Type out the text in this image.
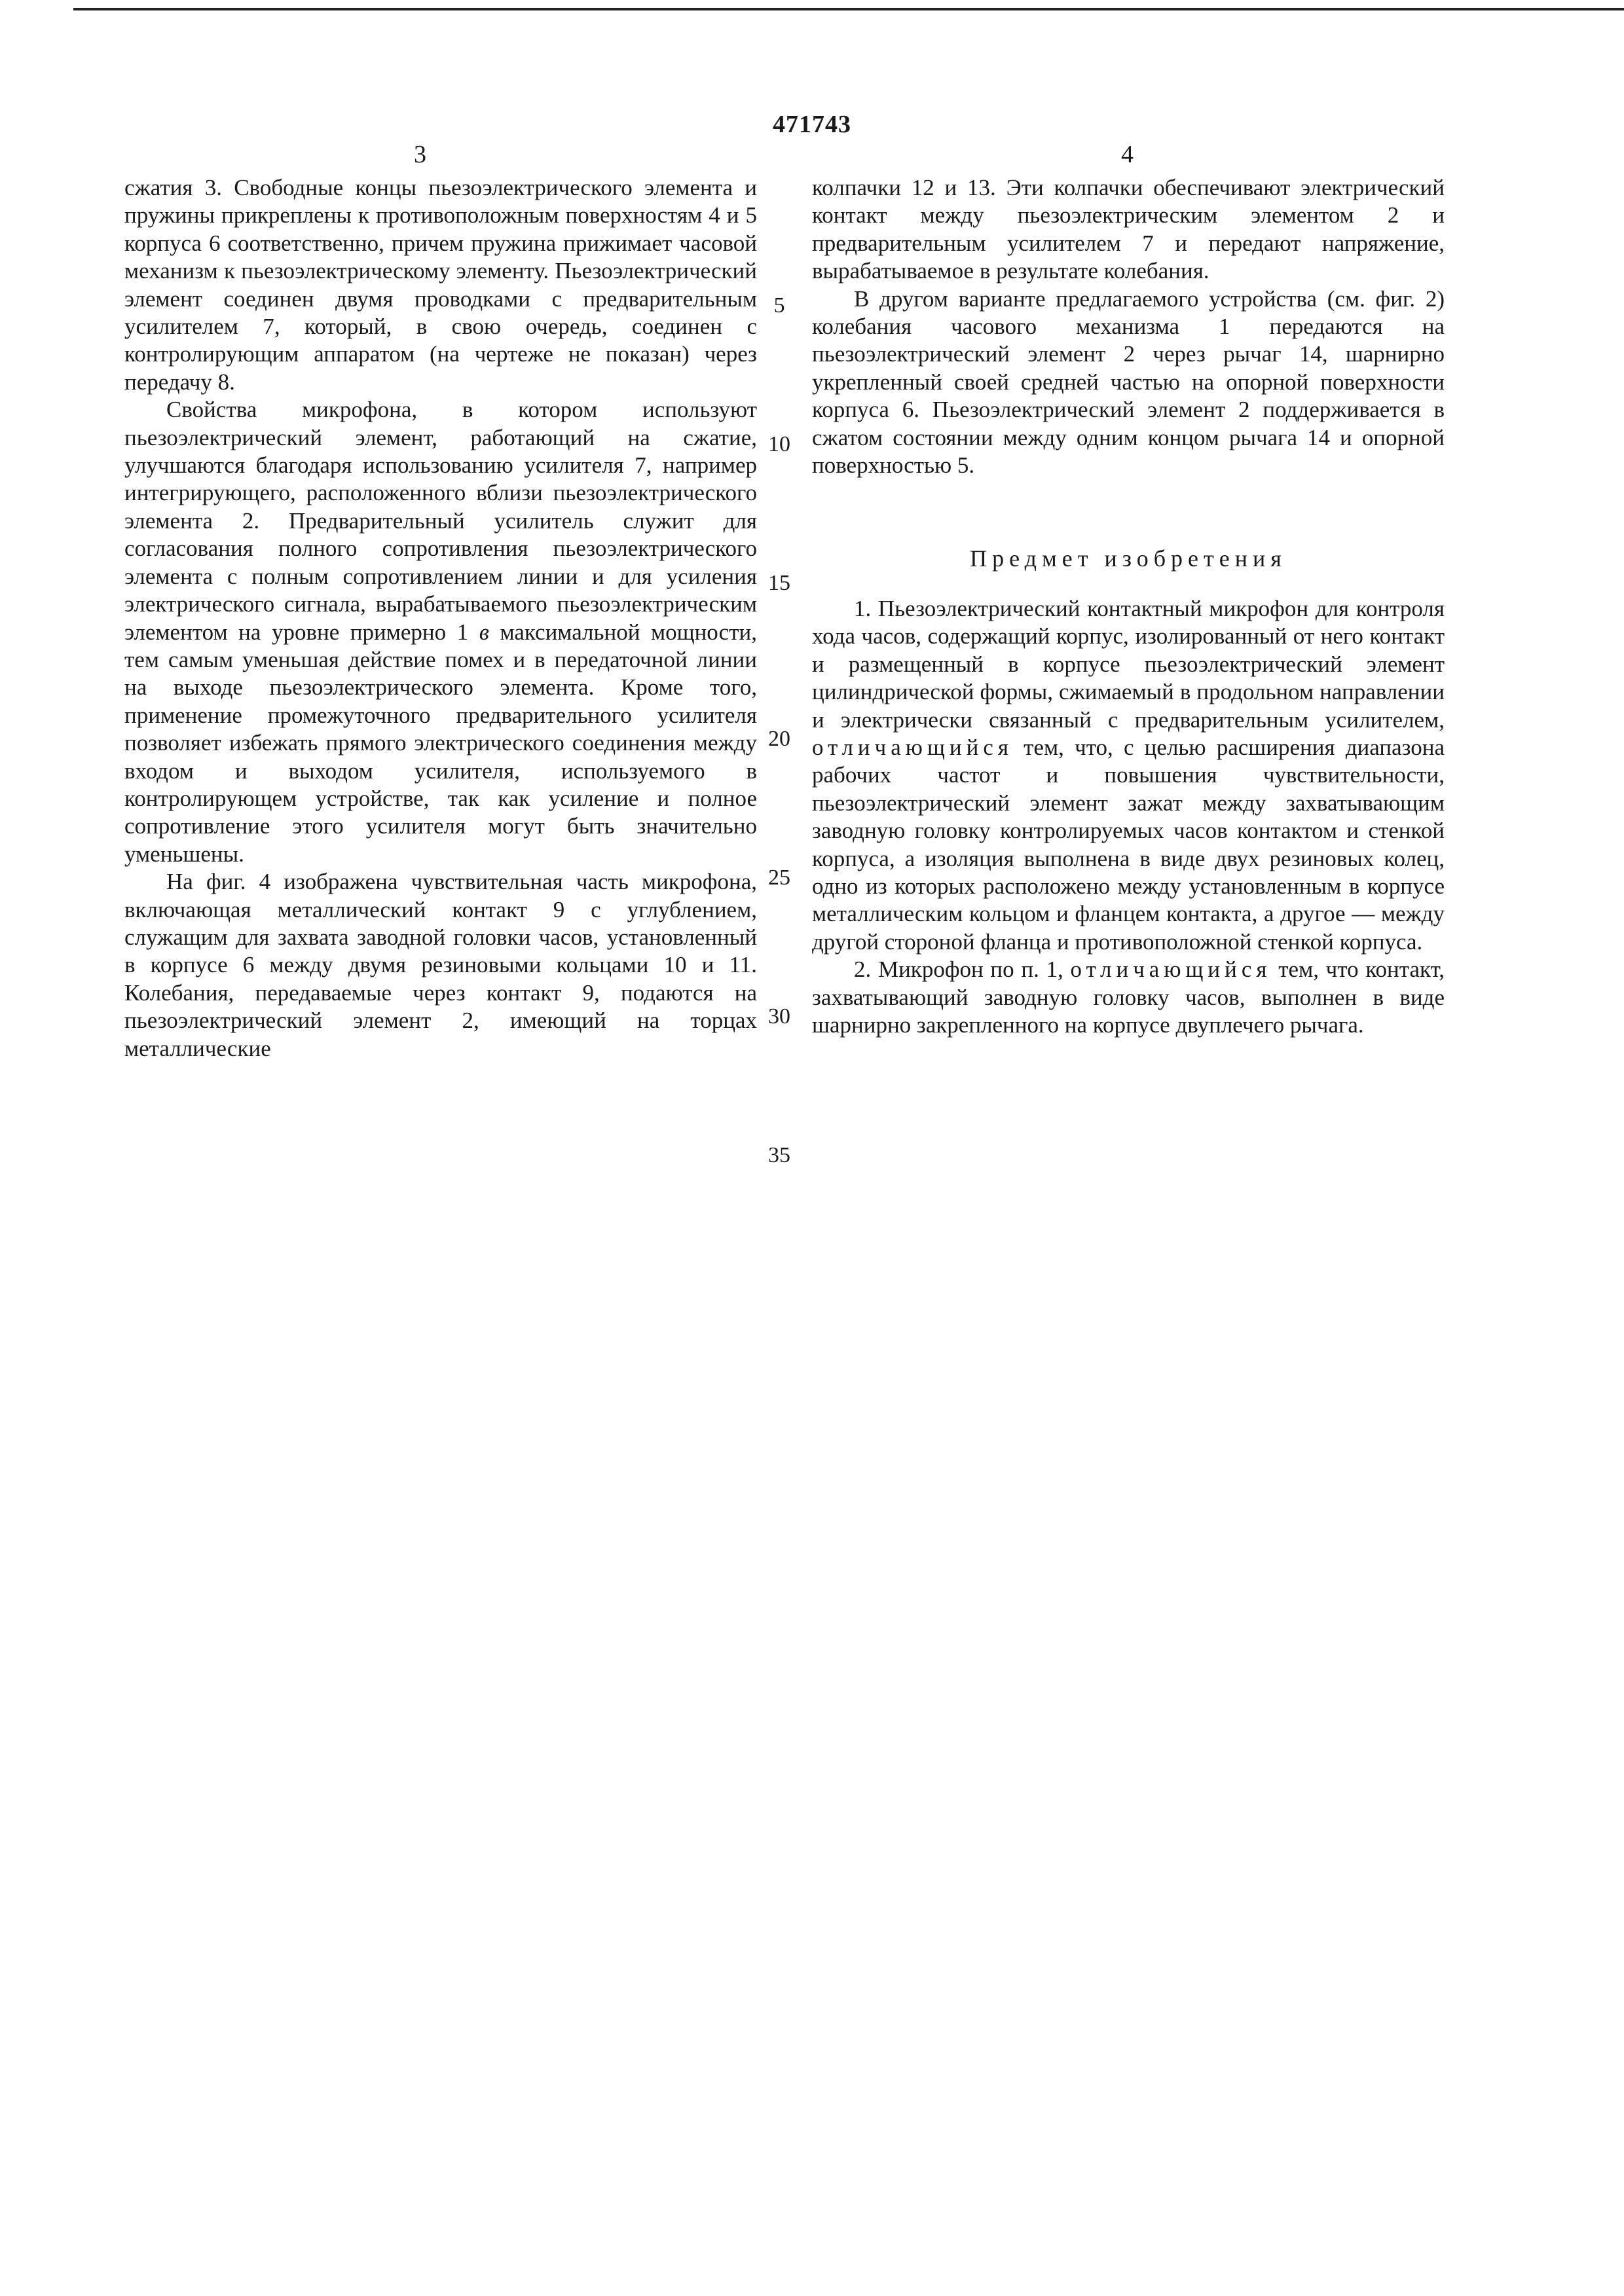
471743
3	4

сжатия 3. Свободные концы пьезоэлектрического элемента и пружины прикреплены к противоположным поверхностям 4 и 5 корпуса 6 соответственно, причем пружина прижимает часовой механизм к пьезоэлектрическому элементу. Пьезоэлектрический элемент соединен двумя проводками с предварительным усилителем 7, который, в свою очередь, соединен с контролирующим аппаратом (на чертеже не показан) через передачу 8.

Свойства микрофона, в котором используют пьезоэлектрический элемент, работающий на сжатие, улучшаются благодаря использованию усилителя 7, например интегрирующего, расположенного вблизи пьезоэлектрического элемента 2. Предварительный усилитель служит для согласования полного сопротивления пьезоэлектрического элемента с полным сопротивлением линии и для усиления электрического сигнала, вырабатываемого пьезоэлектрическим элементом на уровне примерно 1 в максимальной мощности, тем самым уменьшая действие помех и в передаточной линии на выходе пьезоэлектрического элемента. Кроме того, применение промежуточного предварительного усилителя позволяет избежать прямого электрического соединения между входом и выходом усилителя, используемого в контролирующем устройстве, так как усиление и полное сопротивление этого усилителя могут быть значительно уменьшены.

На фиг. 4 изображена чувствительная часть микрофона, включающая металлический контакт 9 с углублением, служащим для захвата заводной головки часов, установленный в корпусе 6 между двумя резиновыми кольцами 10 и 11. Колебания, передаваемые через контакт 9, подаются на пьезоэлектрический элемент 2, имеющий на торцах металлические

колпачки 12 и 13. Эти колпачки обеспечивают электрический контакт между пьезоэлектрическим элементом 2 и предварительным усилителем 7 и передают напряжение, вырабатываемое в результате колебания.

В другом варианте предлагаемого устройства (см. фиг. 2) колебания часового механизма 1 передаются на пьезоэлектрический элемент 2 через рычаг 14, шарнирно укрепленный своей средней частью на опорной поверхности корпуса 6. Пьезоэлектрический элемент 2 поддерживается в сжатом состоянии между одним концом рычага 14 и опорной поверхностью 5.

Предмет изобретения

1. Пьезоэлектрический контактный микрофон для контроля хода часов, содержащий корпус, изолированный от него контакт и размещенный в корпусе пьезоэлектрический элемент цилиндрической формы, сжимаемый в продольном направлении и электрически связанный с предварительным усилителем, отличающийся тем, что, с целью расширения диапазона рабочих частот и повышения чувствительности, пьезоэлектрический элемент зажат между захватывающим заводную головку контролируемых часов контактом и стенкой корпуса, а изоляция выполнена в виде двух резиновых колец, одно из которых расположено между установленным в корпусе металлическим кольцом и фланцем контакта, а другое — между другой стороной фланца и противоположной стенкой корпуса.

2. Микрофон по п. 1, отличающийся тем, что контакт, захватывающий заводную головку часов, выполнен в виде шарнирно закрепленного на корпусе двуплечего рычага.

5
10
15
20
25
30
35
